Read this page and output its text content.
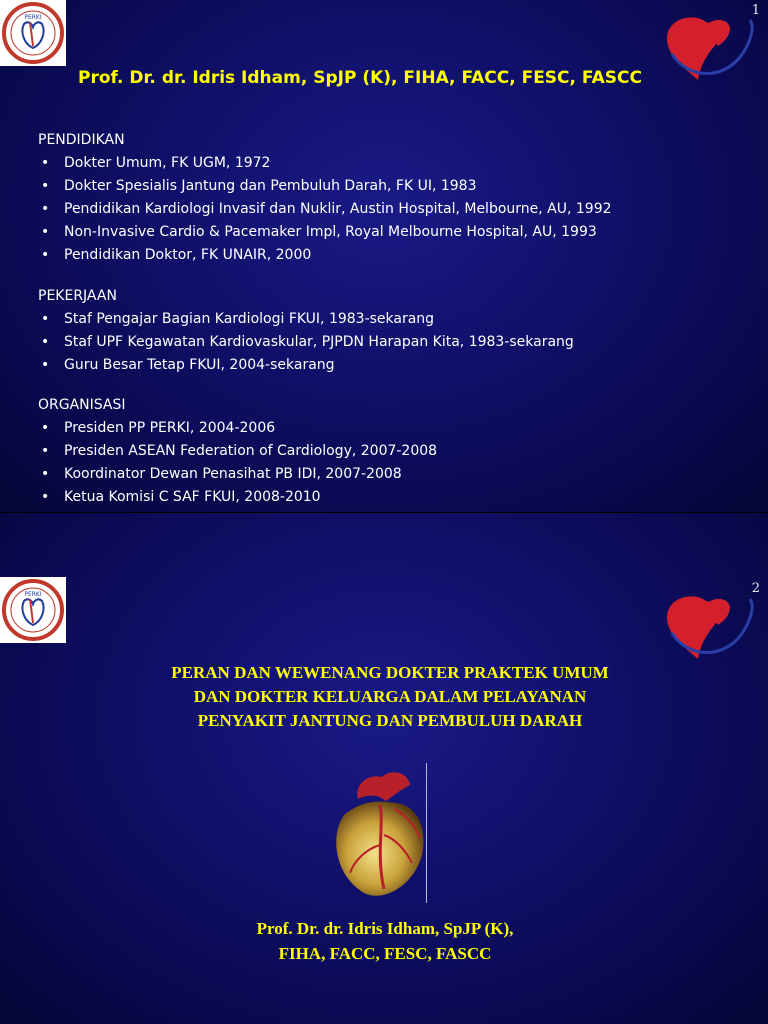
PERKI	1
Prof. Dr. dr. Idris Idham, SpJP (K), FIHA, FACC, FESC, FASCC
PENDIDIKAN
• Dokter Umum, FK UGM, 1972
• Dokter Spesialis Jantung dan Pembuluh Darah, FK UI, 1983
• Pendidikan Kardiologi Invasif dan Nuklir, Austin Hospital, Melbourne, AU, 1992
• Non-Invasive Cardio & Pacemaker Impl, Royal Melbourne Hospital, AU, 1993
• Pendidikan Doktor, FK UNAIR, 2000
PEKERJAAN
• Staf Pengajar Bagian Kardiologi FKUI, 1983-sekarang
• Staf UPF Kegawatan Kardiovaskular, PJPDN Harapan Kita, 1983-sekarang
• Guru Besar Tetap FKUI, 2004-sekarang
ORGANISASI
• Presiden PP PERKI, 2004-2006
• Presiden ASEAN Federation of Cardiology, 2007-2008
• Koordinator Dewan Penasihat PB IDI, 2007-2008
• Ketua Komisi C SAF FKUI, 2008-2010
•
PERKI	2
PERAN DAN WEWENANG DOKTER PRAKTEK UMUM
DAN DOKTER KELUARGA DALAM PELAYANAN
PENYAKIT JANTUNG DAN PEMBULUH DARAH
Prof. Dr. dr. Idris Idham, SpJP (K),
FIHA, FACC, FESC, FASCC
